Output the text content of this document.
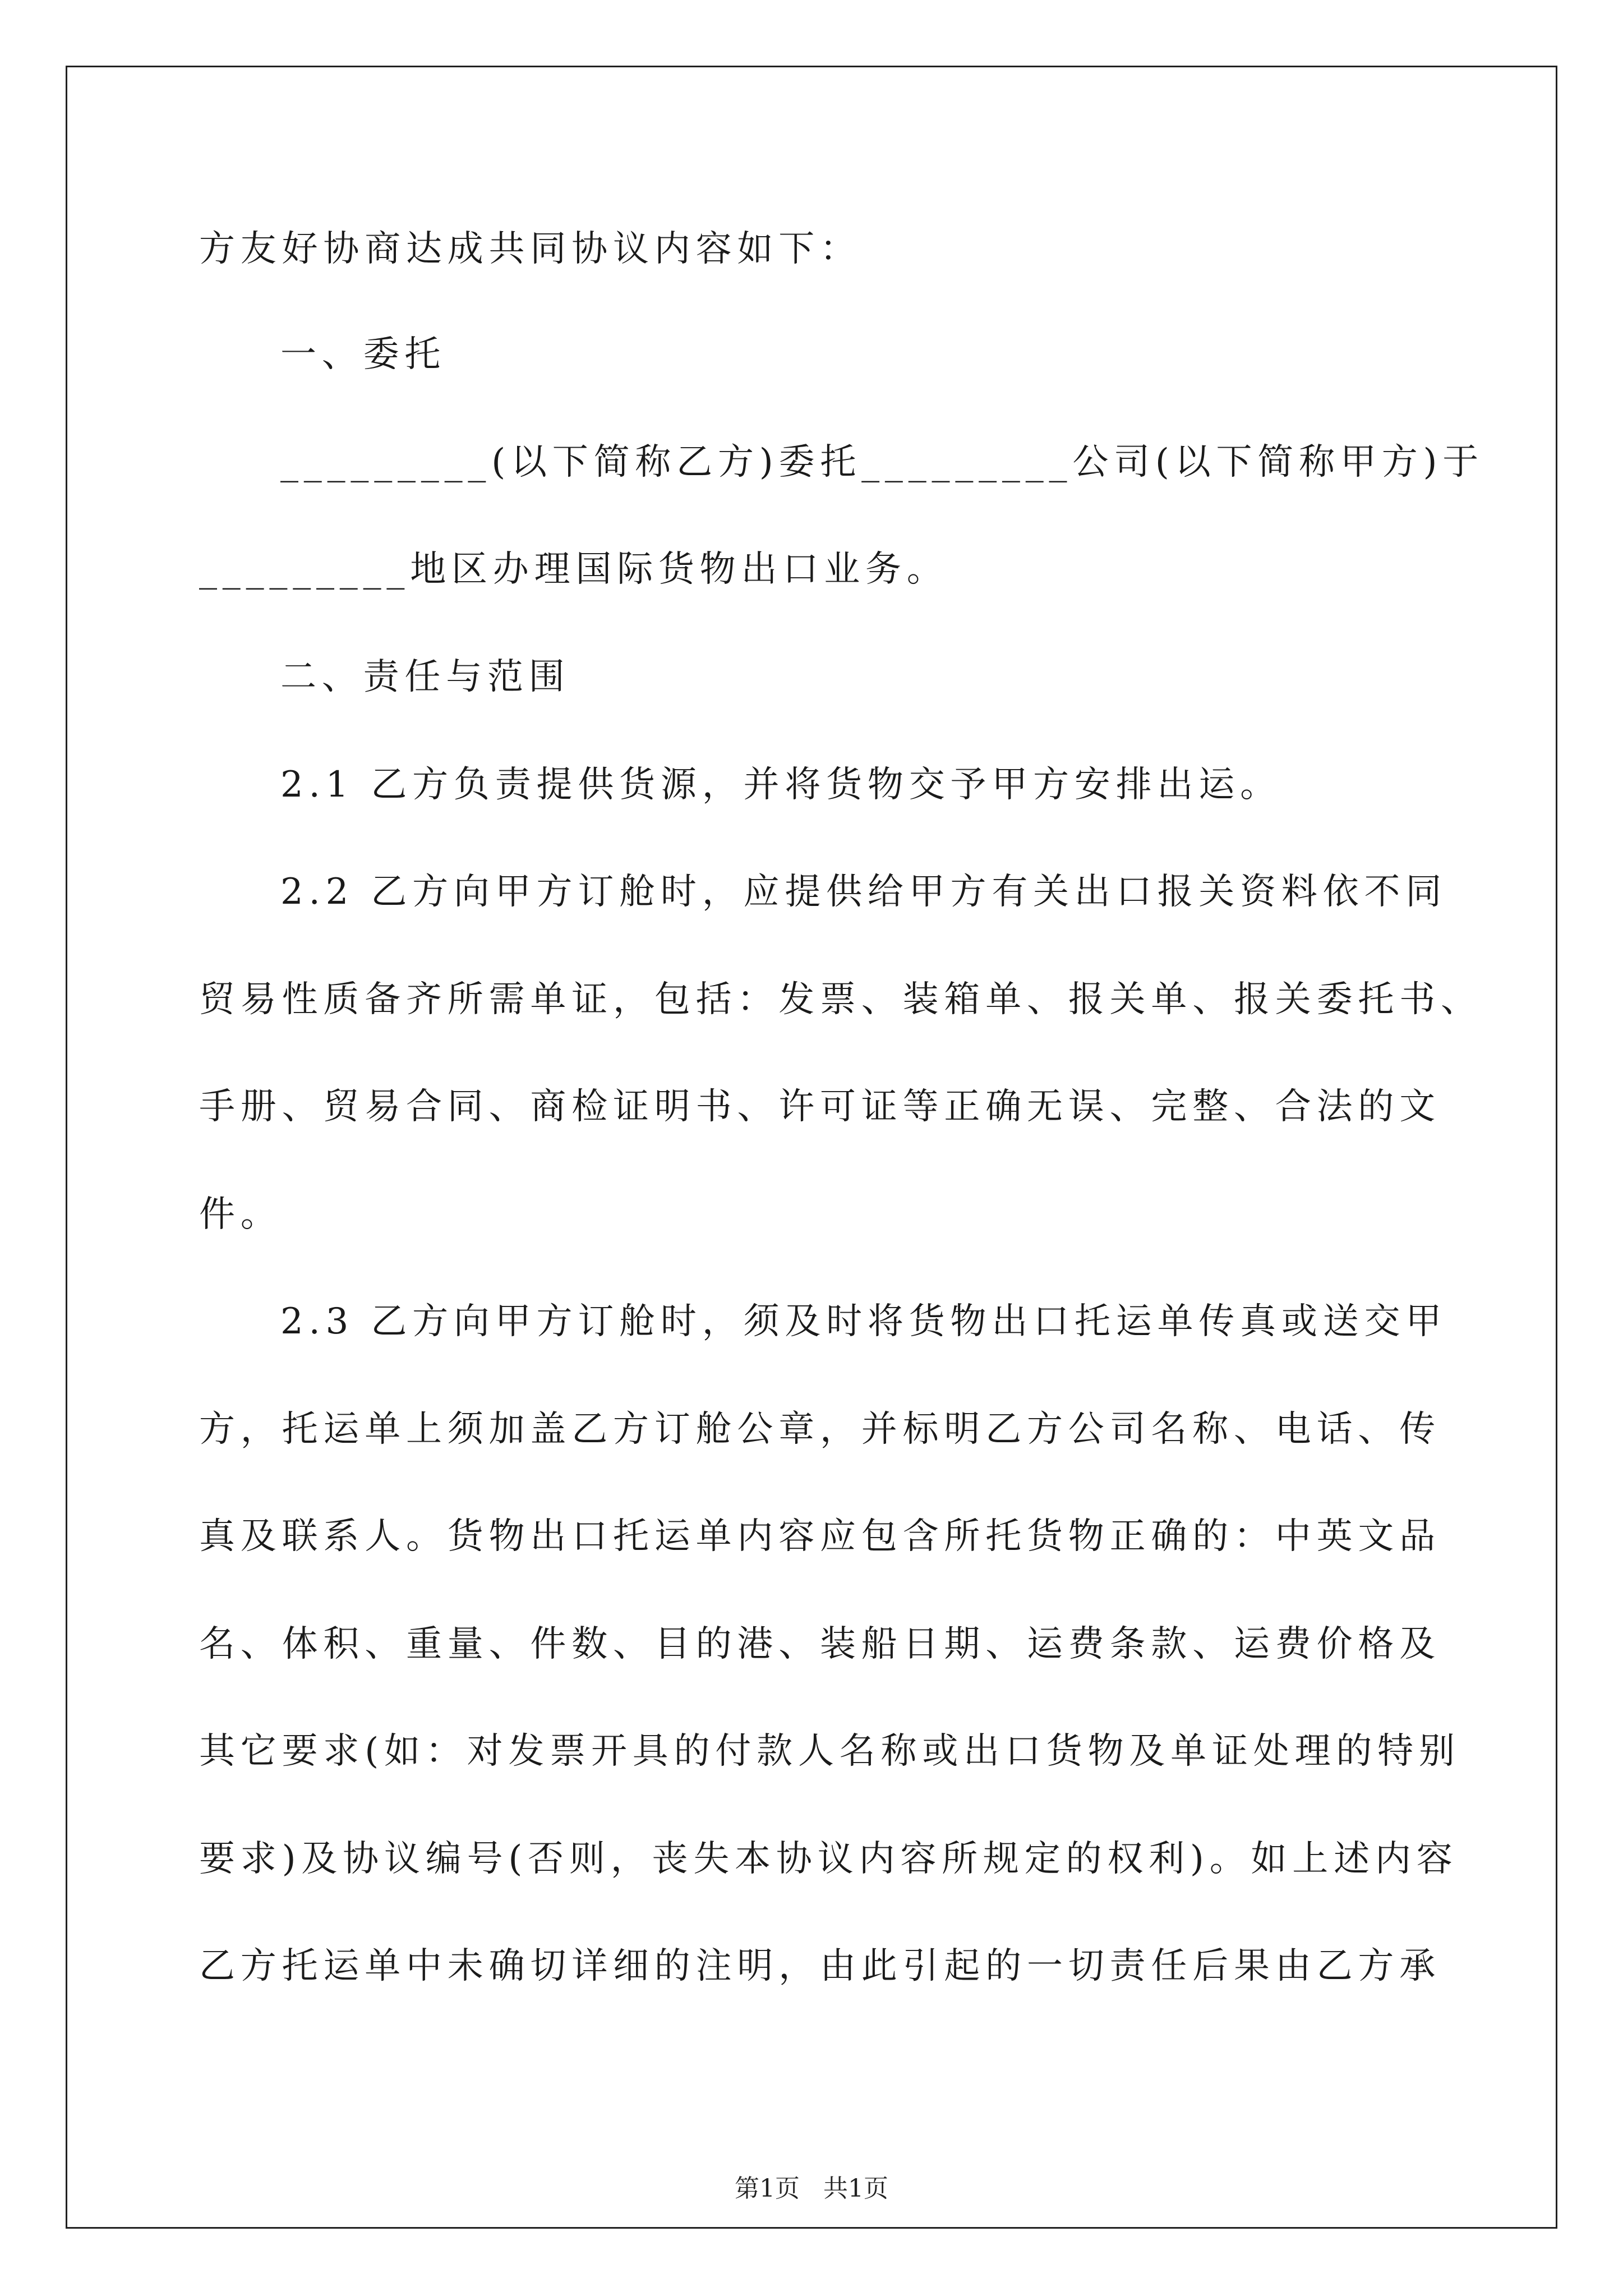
方友好协商达成共同协议内容如下：
一、委托
_________(以下简称乙方)委托_________公司(以下简称甲方)于
_________地区办理国际货物出口业务。
二、责任与范围
2.1 乙方负责提供货源，并将货物交予甲方安排出运。
2.2 乙方向甲方订舱时，应提供给甲方有关出口报关资料依不同
贸易性质备齐所需单证，包括：发票、装箱单、报关单、报关委托书、
手册、贸易合同、商检证明书、许可证等正确无误、完整、合法的文
件。
2.3 乙方向甲方订舱时，须及时将货物出口托运单传真或送交甲
方，托运单上须加盖乙方订舱公章，并标明乙方公司名称、电话、传
真及联系人。货物出口托运单内容应包含所托货物正确的：中英文品
名、体积、重量、件数、目的港、装船日期、运费条款、运费价格及
其它要求(如：对发票开具的付款人名称或出口货物及单证处理的特别
要求)及协议编号(否则，丧失本协议内容所规定的权利)。如上述内容
乙方托运单中未确切详细的注明，由此引起的一切责任后果由乙方承
第1页   共1页
